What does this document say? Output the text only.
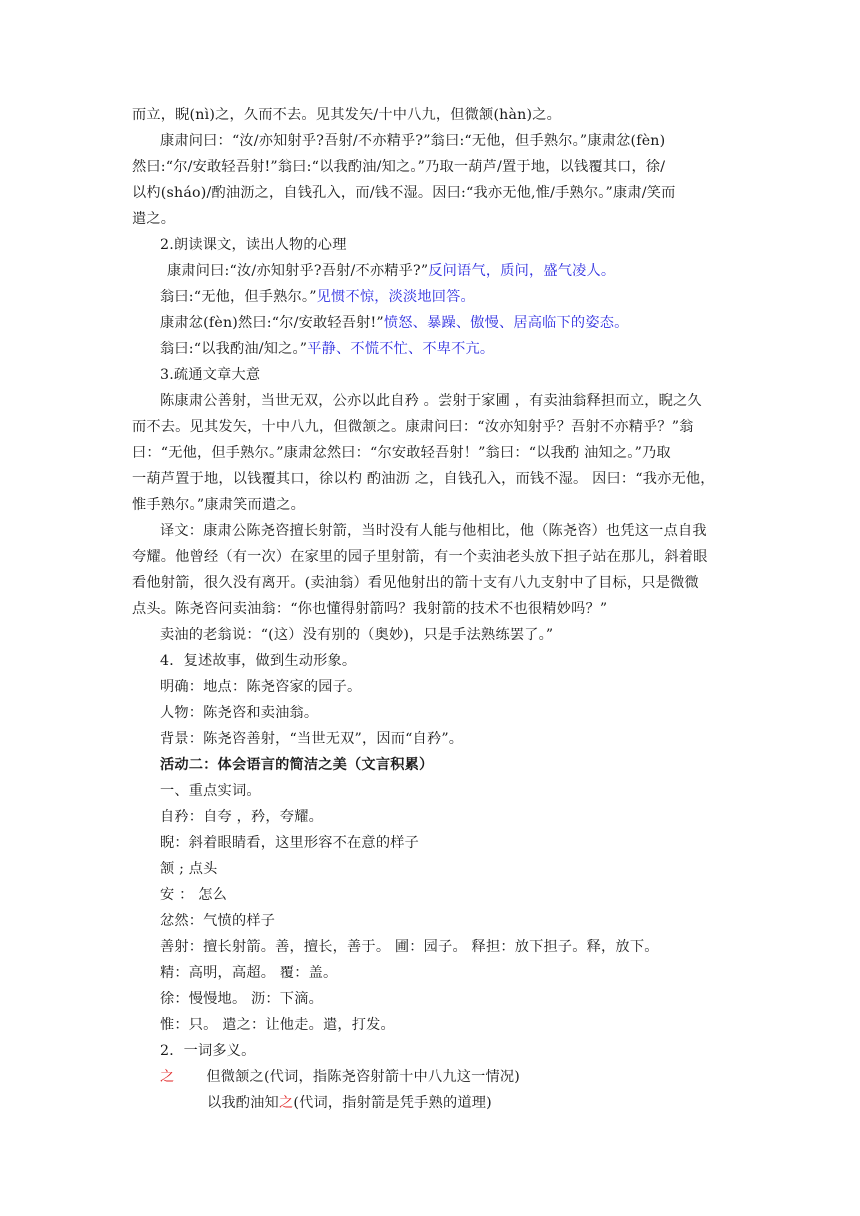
而立，睨(nì)之，久而不去。见其发矢/十中八九，但微颔(hàn)之。
康肃问曰：“汝/亦知射乎?吾射/不亦精乎?”翁曰:“无他，但手熟尔。”康肃忿(fèn)
然曰:“尔/安敢轻吾射!”翁曰:“以我酌油/知之。”乃取一葫芦/置于地，以钱覆其口，徐/
以杓(sháo)/酌油沥之，自钱孔入，而/钱不湿。因曰:“我亦无他,惟/手熟尔。”康肃/笑而
遣之。
2.朗读课文，读出人物的心理
康肃问曰:“汝/亦知射乎?吾射/不亦精乎?”反问语气，质问，盛气凌人。
翁曰:“无他，但手熟尔。”见惯不惊，淡淡地回答。
康肃忿(fèn)然曰:“尔/安敢轻吾射!”愤怒、暴躁、傲慢、居高临下的姿态。
翁曰:“以我酌油/知之。”平静、不慌不忙、不卑不亢。
3.疏通文章大意
陈康肃公善射，当世无双，公亦以此自矜 。尝射于家圃 ，有卖油翁释担而立，睨之久
而不去。见其发矢，十中八九，但微颔之。康肃问曰：“汝亦知射乎？吾射不亦精乎？”翁
曰：“无他，但手熟尔。”康肃忿然曰：“尔安敢轻吾射！”翁曰：“以我酌 油知之。”乃取
一葫芦置于地，以钱覆其口，徐以杓 酌油沥 之，自钱孔入，而钱不湿。 因曰：“我亦无他，
惟手熟尔。”康肃笑而遣之。
译文：康肃公陈尧咨擅长射箭，当时没有人能与他相比，他（陈尧咨）也凭这一点自我
夸耀。他曾经（有一次）在家里的园子里射箭，有一个卖油老头放下担子站在那儿，斜着眼
看他射箭，很久没有离开。(卖油翁）看见他射出的箭十支有八九支射中了目标，只是微微
点头。陈尧咨问卖油翁：“你也懂得射箭吗？我射箭的技术不也很精妙吗？”
卖油的老翁说：“(这）没有别的（奥妙)，只是手法熟练罢了。”
4．复述故事，做到生动形象。
明确：地点：陈尧咨家的园子。
人物：陈尧咨和卖油翁。
背景：陈尧咨善射，“当世无双”，因而“自矜”。
活动二：体会语言的简洁之美（文言积累）
一、重点实词。
自矜：自夸 ，矜，夸耀。
睨：斜着眼睛看，这里形容不在意的样子
颔 ; 点头
安 ： 怎么
忿然：气愤的样子
善射：擅长射箭。善，擅长，善于。 圃：园子。 释担：放下担子。释，放下。
精：高明，高超。 覆：盖。
徐：慢慢地。 沥：下滴。
惟：只。 遣之：让他走。遣，打发。
2．一词多义。
之 但微颔之(代词，指陈尧咨射箭十中八九这一情况)
以我酌油知之(代词，指射箭是凭手熟的道理)
